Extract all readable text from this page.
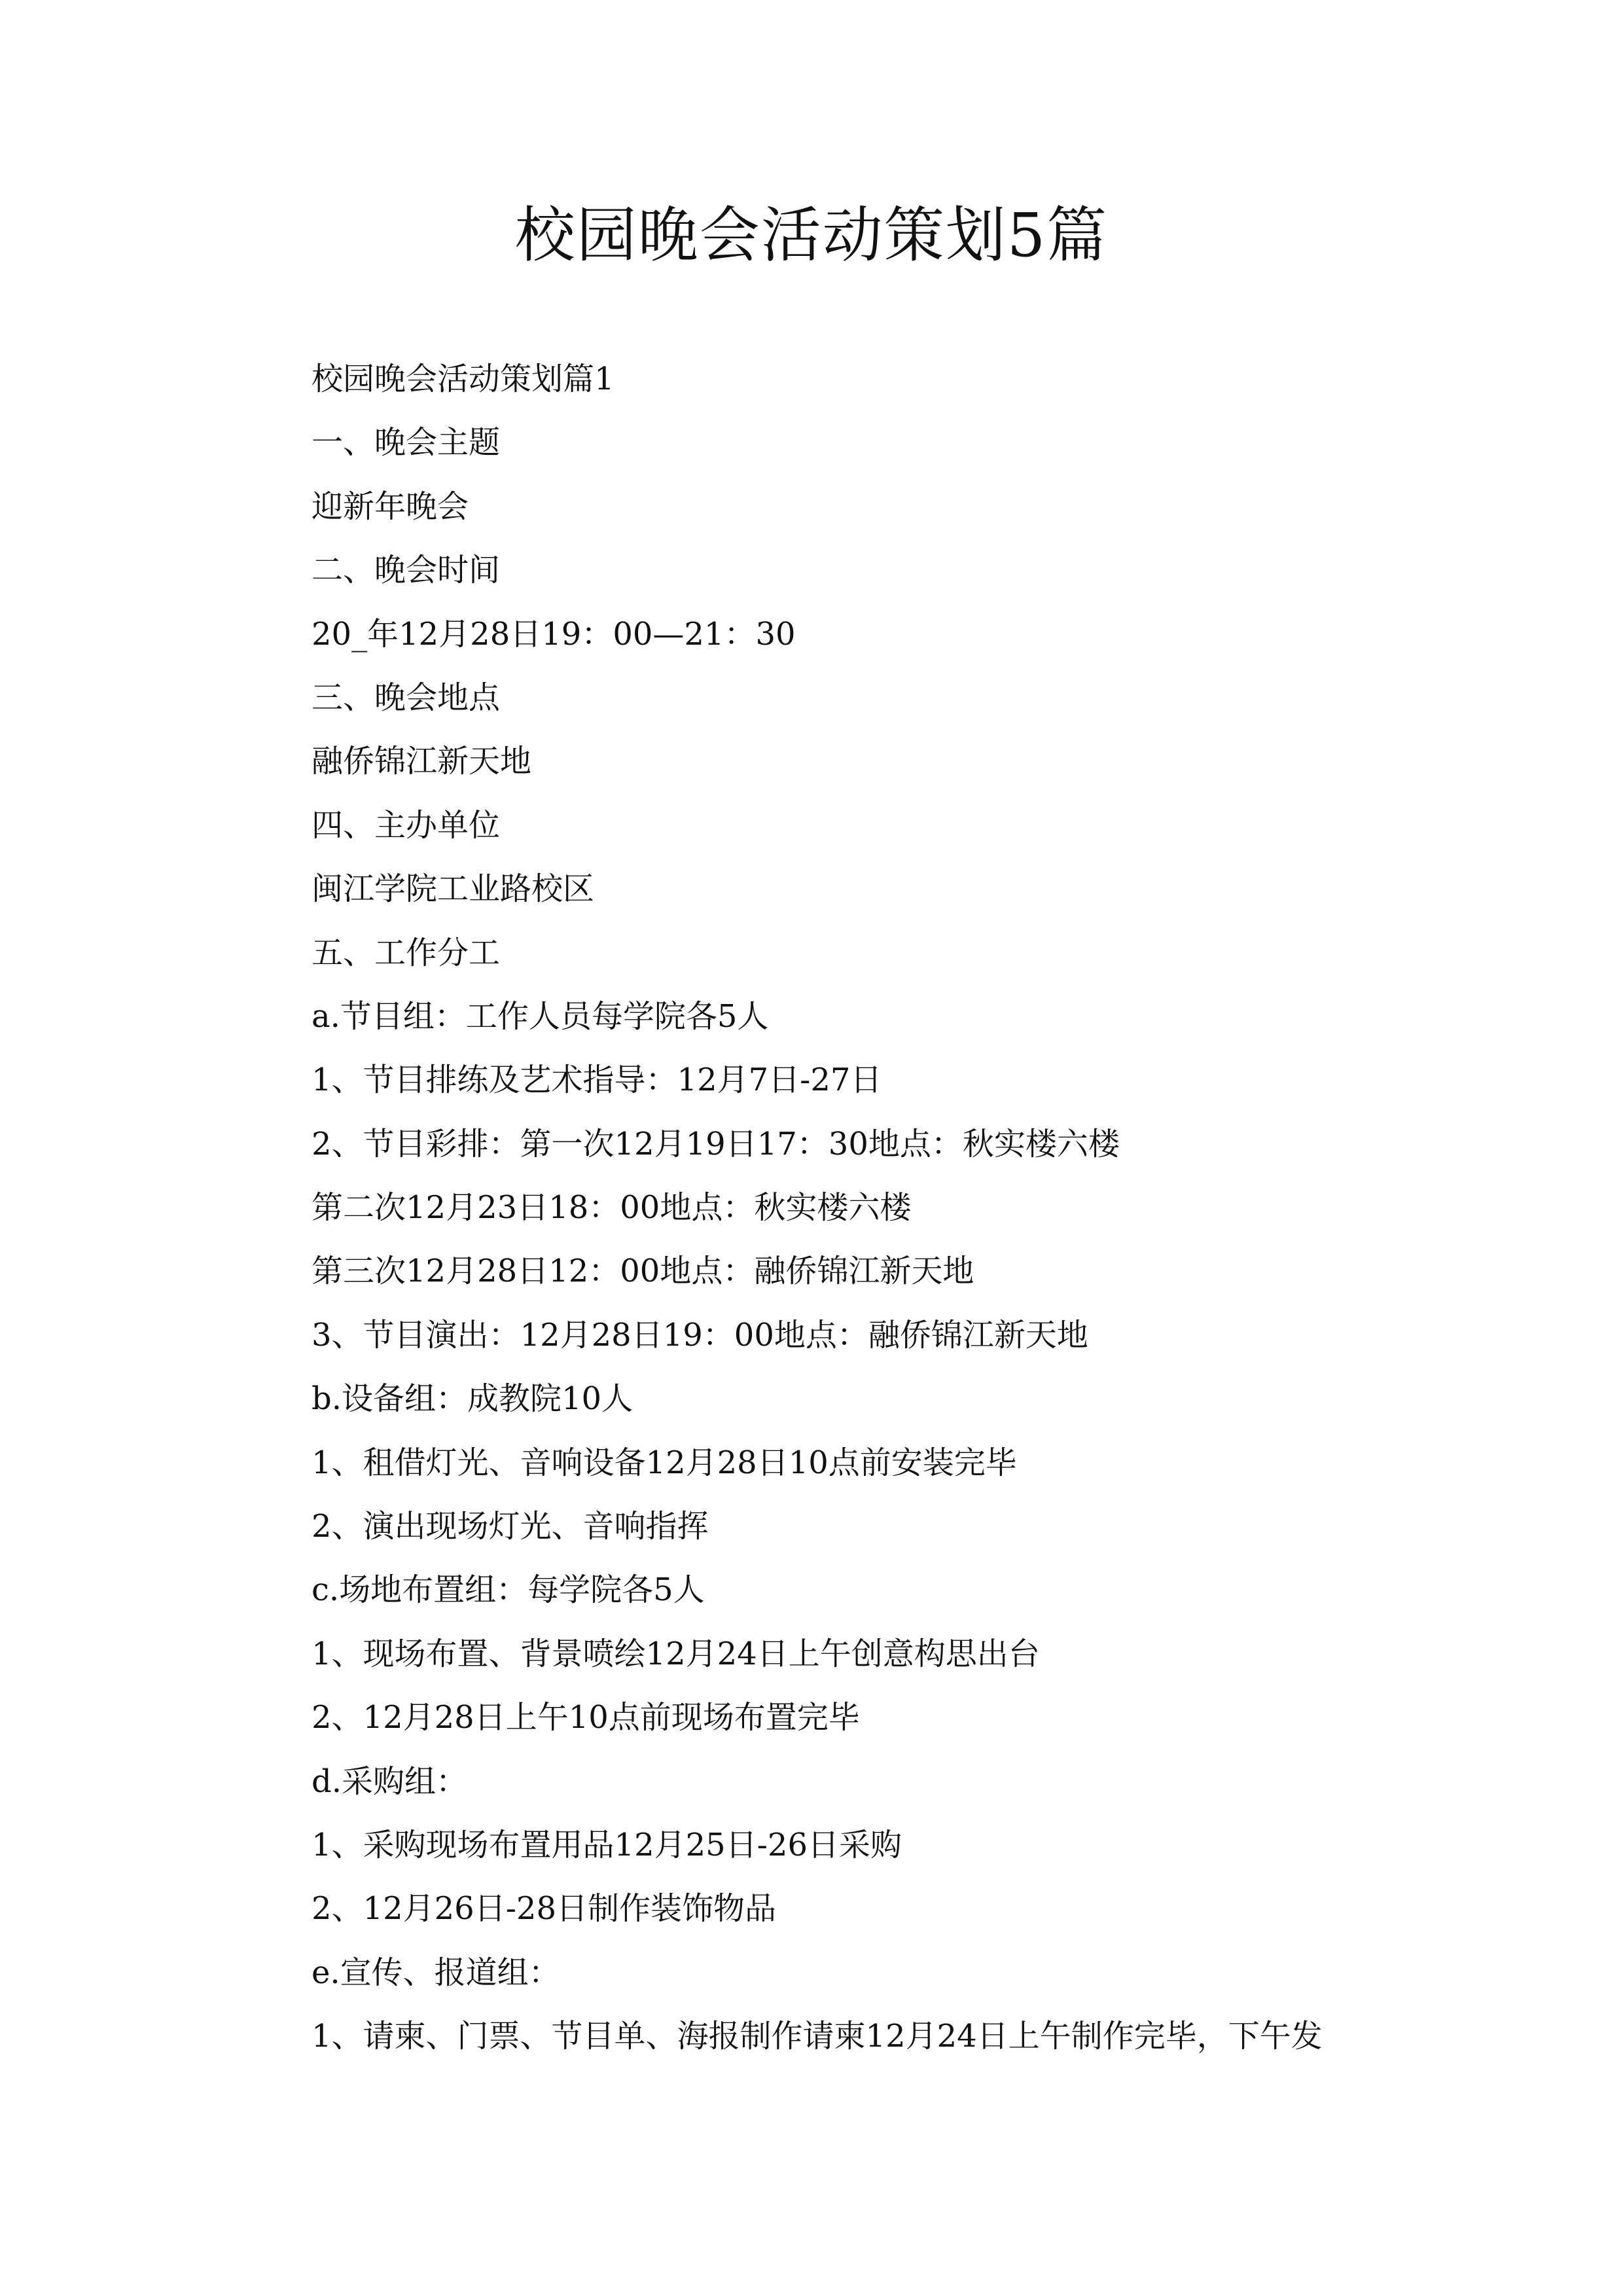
校园晚会活动策划5篇
校园晚会活动策划篇1
一、晚会主题
迎新年晚会
二、晚会时间
20_年12月28日19：00—21：30
三、晚会地点
融侨锦江新天地
四、主办单位
闽江学院工业路校区
五、工作分工
a.节目组：工作人员每学院各5人
1、节目排练及艺术指导：12月7日-27日
2、节目彩排：第一次12月19日17：30地点：秋实楼六楼
第二次12月23日18：00地点：秋实楼六楼
第三次12月28日12：00地点：融侨锦江新天地
3、节目演出：12月28日19：00地点：融侨锦江新天地
b.设备组：成教院10人
1、租借灯光、音响设备12月28日10点前安装完毕
2、演出现场灯光、音响指挥
c.场地布置组：每学院各5人
1、现场布置、背景喷绘12月24日上午创意构思出台
2、12月28日上午10点前现场布置完毕
d.采购组：
1、采购现场布置用品12月25日-26日采购
2、12月26日-28日制作装饰物品
e.宣传、报道组：
1、请柬、门票、节目单、海报制作请柬12月24日上午制作完毕，下午发
